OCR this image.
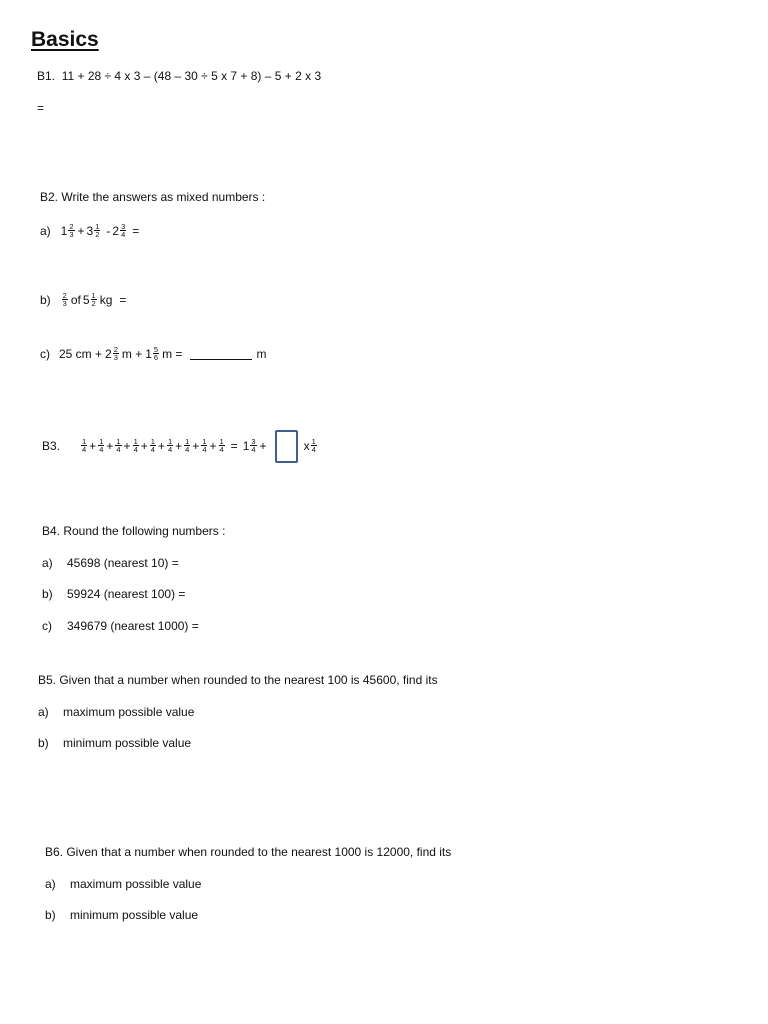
Basics
B1. 11 + 28 ÷ 4 x 3 – (48 – 30 ÷ 5 x 7 + 8) – 5 + 2 x 3
=
B2. Write the answers as mixed numbers :
a) $1 \frac{2}{3} + 3 \frac{1}{2} - 2 \frac{3}{4}$ =
$b) \frac{2}{3}$ of $5 \frac{1}{2}$ kg =
c) 25 cm + $2 \frac{2}{3}$ $m + 1 \frac{5}{6}$ m =	m
B3.	$\frac{1}{4} + \frac{1}{4} + \frac{1}{4} + \frac{1}{4} + \frac{1}{4} + \frac{1}{4} + \frac{1}{4} + \frac{1}{4} + \frac{1}{4} = 1 \frac{3}{4}$ +	x $\frac{1}{4}$
B4. Round the following numbers :
a) 45698 (nearest 10) =
b) 59924 (nearest 100) =
c) 349679 (nearest 1000) =
B5. Given that a number when rounded to the nearest 100 is 45600, find its
a) maximum possible value
b) minimum possible value
B6. Given that a number when rounded to the nearest 1000 is 12000, find its
a) maximum possible value
b) minimum possible value
